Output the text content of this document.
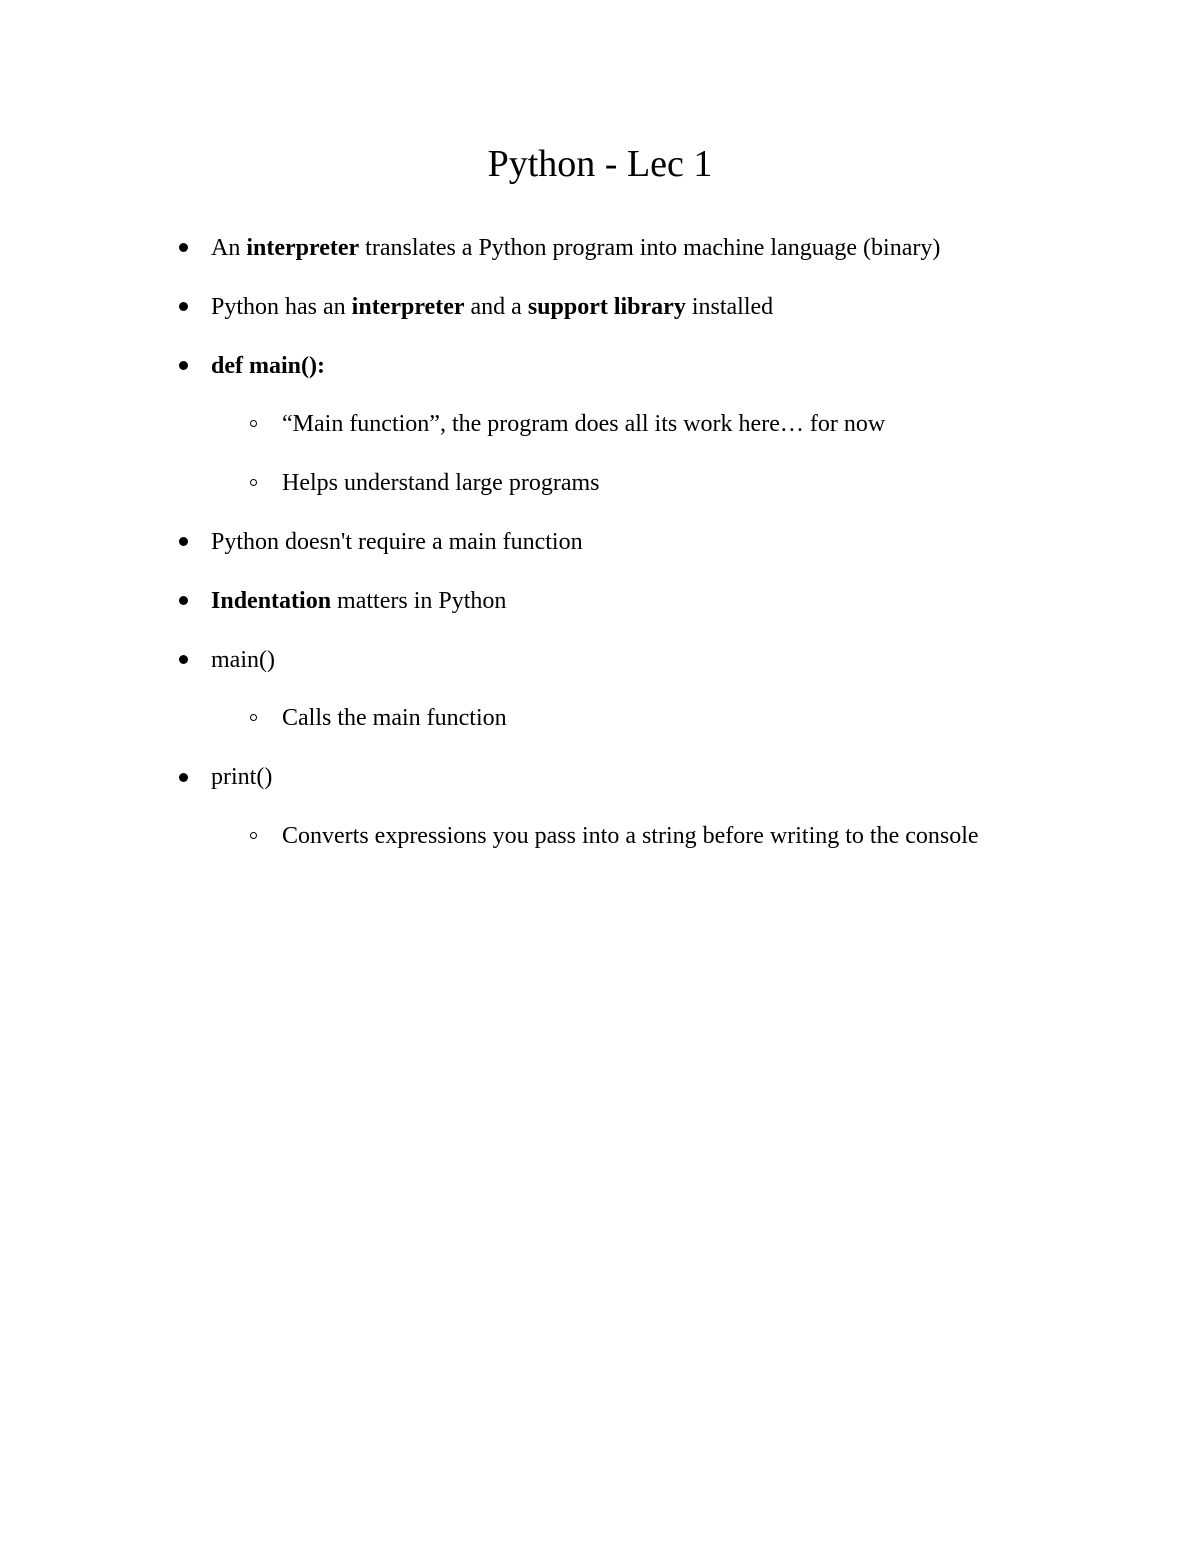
Python - Lec 1
An interpreter translates a Python program into machine language (binary)
Python has an interpreter and a support library installed
def main():
“Main function”, the program does all its work here… for now
Helps understand large programs
Python doesn't require a main function
Indentation matters in Python
main()
Calls the main function
print()
Converts expressions you pass into a string before writing to the console
